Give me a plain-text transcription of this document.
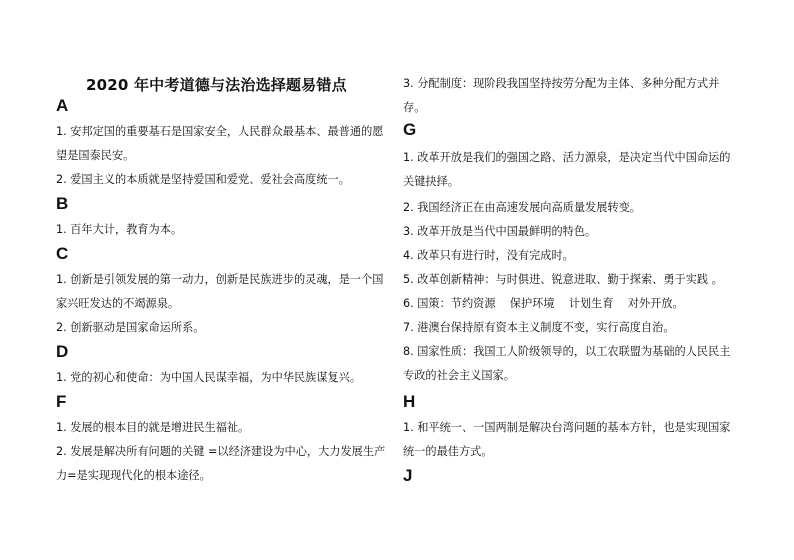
2020 年中考道德与法治选择题易错点
A
1. 安邦定国的重要基石是国家安全，人民群众最基本、最普通的愿望是国泰民安。
2. 爱国主义的本质就是坚持爱国和爱党、爱社会高度统一。
B
1. 百年大计，教育为本。
C
1. 创新是引领发展的第一动力，创新是民族进步的灵魂，是一个国家兴旺发达的不竭源泉。
2. 创新驱动是国家命运所系。
D
1. 党的初心和使命：为中国人民谋幸福，为中华民族谋复兴。
F
1. 发展的根本目的就是增进民生福祉。
2. 发展是解决所有问题的关键 =以经济建设为中心，大力发展生产力=是实现现代化的根本途径。
3. 分配制度：现阶段我国坚持按劳分配为主体、多种分配方式并存。
G
1. 改革开放是我们的强国之路、活力源泉，是决定当代中国命运的关键抉择。
2. 我国经济正在由高速发展向高质量发展转变。
3. 改革开放是当代中国最鲜明的特色。
4. 改革只有进行时，没有完成时。
5. 改革创新精神：与时俱进、锐意进取、勤于探索、勇于实践 。
6. 国策：节约资源    保护环境    计划生育    对外开放。
7. 港澳台保持原有资本主义制度不变，实行高度自治。
8. 国家性质：我国工人阶级领导的，以工农联盟为基础的人民民主专政的社会主义国家。
H
1. 和平统一、一国两制是解决台湾问题的基本方针，也是实现国家统一的最佳方式。
J
